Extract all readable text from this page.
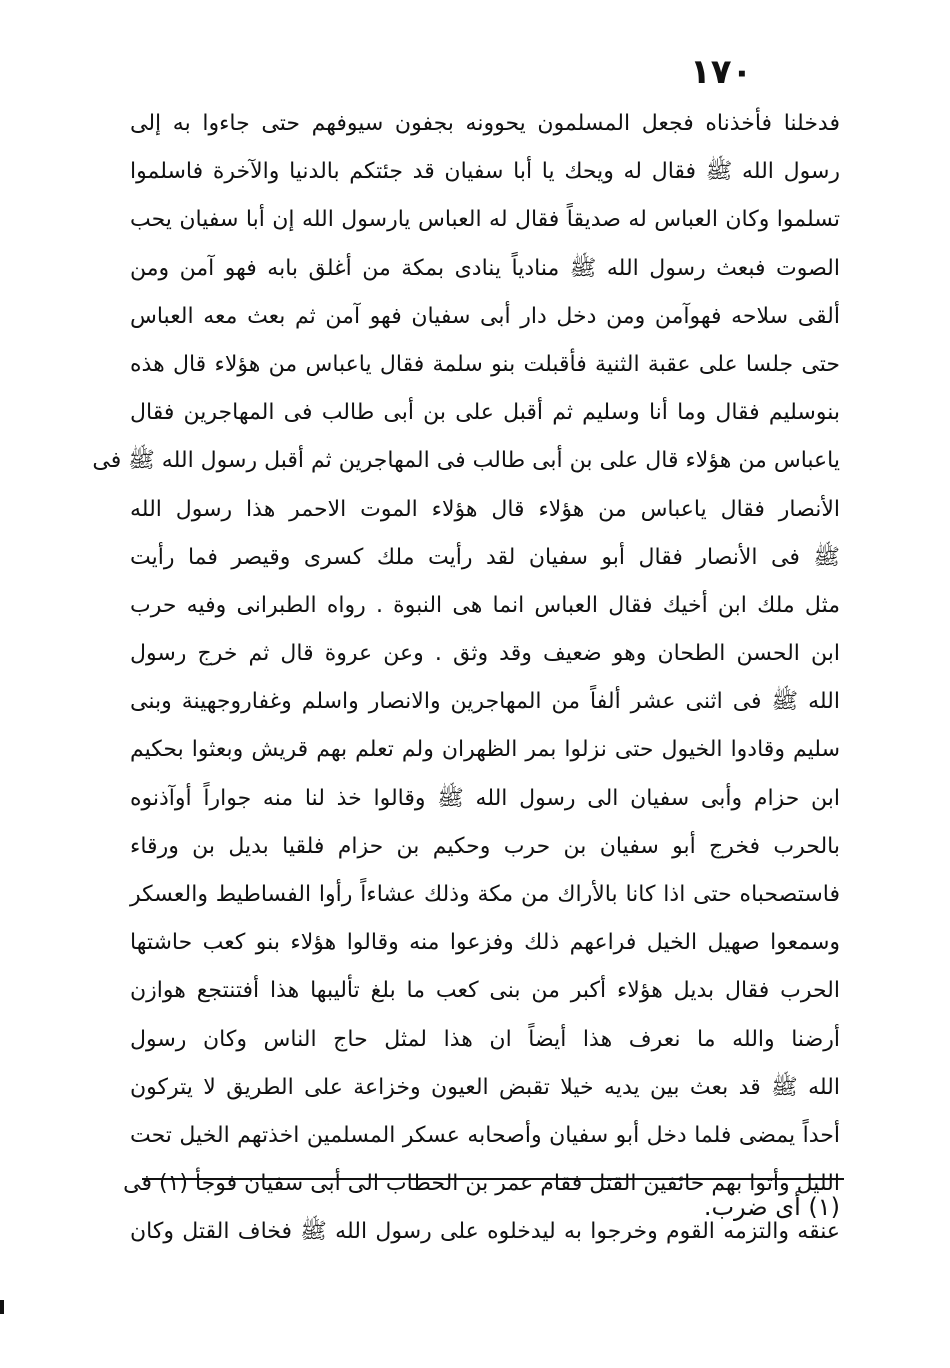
١٧٠
فدخلنا فأخذناه فجعل المسلمون يحوونه بجفون سيوفهم حتى جاءوا به إلى
رسول الله ﷺ فقال له ويحك يا أبا سفيان قد جئتكم بالدنيا والآخرة فاسلموا
تسلموا وكان العباس له صديقاً فقال له العباس يارسول الله إن أبا سفيان يحب
الصوت فبعث رسول الله ﷺ منادياً ينادى بمكة من أغلق بابه فهو آمن ومن
ألقى سلاحه فهوآمن ومن دخل دار أبى سفيان فهو آمن ثم بعث معه العباس
حتى جلسا على عقبة الثنية فأقبلت بنو سلمة فقال ياعباس من هؤلاء قال هذه
بنوسليم فقال وما أنا وسليم ثم أقبل على بن أبى طالب فى المهاجرين فقال
ياعباس من هؤلاء قال على بن أبى طالب فى المهاجرين ثم أقبل رسول الله ﷺ فى
الأنصار فقال ياعباس من هؤلاء قال هؤلاء الموت الاحمر هذا رسول الله
ﷺ فى الأنصار فقال أبو سفيان لقد رأيت ملك كسرى وقيصر فما رأيت
مثل ملك ابن أخيك فقال العباس انما هى النبوة . رواه الطبرانى وفيه حرب
ابن الحسن الطحان وهو ضعيف وقد وثق . وعن عروة قال ثم خرج رسول
الله ﷺ فى اثنى عشر ألفاً من المهاجرين والانصار واسلم وغفاروجهينة وبنى
سليم وقادوا الخيول حتى نزلوا بمر الظهران ولم تعلم بهم قريش وبعثوا بحكيم
ابن حزام وأبى سفيان الى رسول الله ﷺ وقالوا خذ لنا منه جواراً أوآذنوه
بالحرب فخرج أبو سفيان بن حرب وحكيم بن حزام فلقيا بديل بن ورقاء
فاستصحباه حتى اذا كانا بالأراك من مكة وذلك عشاءاً رأوا الفساطيط والعسكر
وسمعوا صهيل الخيل فراعهم ذلك وفزعوا منه وقالوا هؤلاء بنو كعب حاشتها
الحرب فقال بديل هؤلاء أكبر من بنى كعب ما بلغ تأليبها هذا أفتنتجع هوازن
أرضنا والله ما نعرف هذا أيضاً ان هذا لمثل حاج الناس وكان رسول
الله ﷺ قد بعث بين يديه خيلا تقبض العيون وخزاعة على الطريق لا يتركون
أحداً يمضى فلما دخل أبو سفيان وأصحابه عسكر المسلمين اخذتهم الخيل تحت
الليل وأتوا بهم خائفين القتل فقام عمر بن الخطاب الى أبى سفيان فوجأ (١) فى
عنقه والتزمه القوم وخرجوا به ليدخلوه على رسول الله ﷺ فخاف القتل وكان
(١) أى ضرب.
